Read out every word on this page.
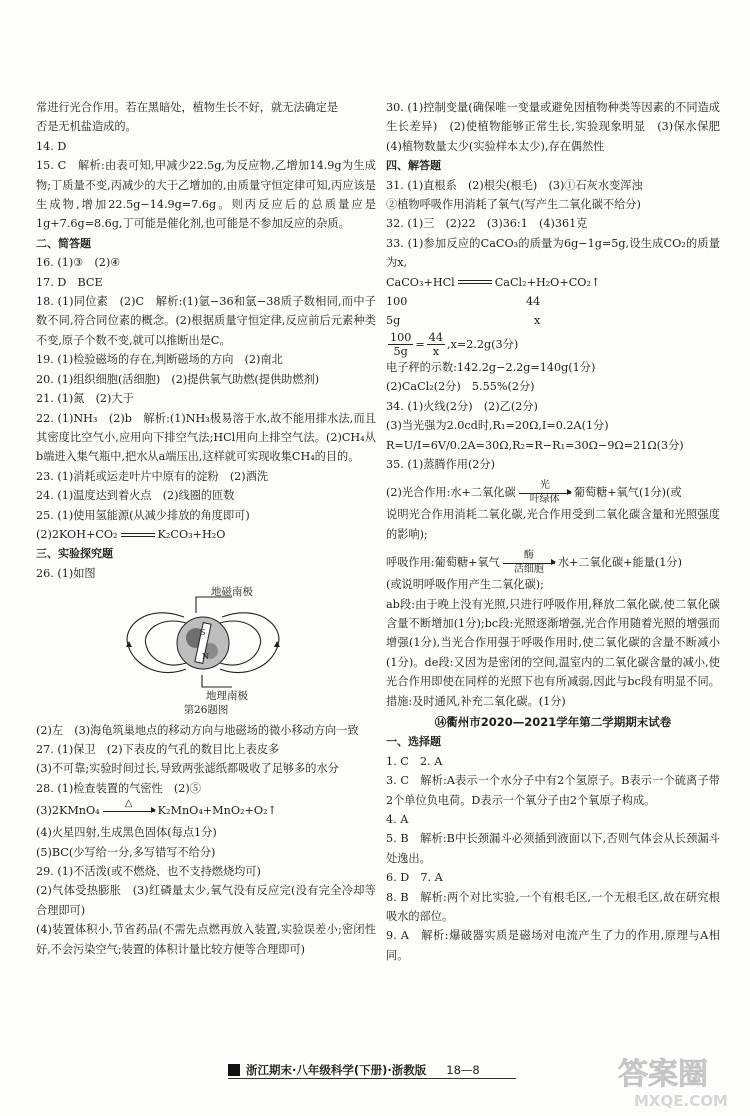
常进行光合作用。若在黑暗处，植物生长不好，就无法确定是

否是无机盐造成的。

14. D

15. C　解析:由表可知,甲减少22.5g,为反应物,乙增加14.9g为生成物;丁质量不变,丙减少的大于乙增加的,由质量守恒定律可知,丙应该是生成物,增加22.5g−14.9g=7.6g。则丙反应后的总质量应是1g+7.6g=8.6g,丁可能是催化剂,也可能是不参加反应的杂质。

二、简答题

16. (1)③　(2)④

17. D　BCE

18. (1)同位素　(2)C　解析:(1)氩−36和氩−38质子数相同,而中子数不同,符合同位素的概念。(2)根据质量守恒定律,反应前后元素种类不变,原子个数不变,就可以推断出是C。

19. (1)检验磁场的存在,判断磁场的方向　(2)南北

20. (1)组织细胞(活细胞)　(2)提供氧气助燃(提供助燃剂)

21. (1)氮　(2)大于

22. (1)NH₃　(2)b　解析:(1)NH₃极易溶于水,故不能用排水法,而且其密度比空气小,应用向下排空气法;HCl用向上排空气法。(2)CH₄从b端进入集气瓶中,把水从a端压出,这样就可实现收集CH₄的目的。

23. (1)消耗或运走叶片中原有的淀粉　(2)酒洗

24. (1)温度达到着火点　(2)线圈的匝数

25. (1)使用氢能源(从减少排放的角度即可)

(2)2KOH+CO₂	K₂CO₃+H₂O

三、实验探究题

26. (1)如图

地磁南极
地理南极
S
N

第26题图

(2)左　(3)海龟筑巢地点的移动方向与地磁场的微小移动方向一致

27. (1)保卫　(2)下表皮的气孔的数目比上表皮多

(3)不可靠;实验时间过长,导致两张滤纸都吸收了足够多的水分

28. (1)检查装置的气密性　(2)⑤

(3)2KMnO₄
△

K₂MnO₄+MnO₂+O₂↑

(4)火星四射,生成黑色固体(每点1分)

(5)BC(少写给一分,多写错写不给分)

29. (1)不活泼(或不燃烧、也不支持燃烧均可)

(2)气体受热膨胀　(3)红磷量太少,氧气没有反应完(没有完全冷却等合理即可)

(4)装置体积小,节省药品(不需先点燃再放入装置,实验误差小;密闭性好,不会污染空气;装置的体积计量比较方便等合理即可)

30. (1)控制变量(确保唯一变量或避免因植物种类等因素的不同造成生长差异)　(2)使植物能够正常生长,实验现象明显　(3)保水保肥　(4)植物数量太少(实验样本太少),存在偶然性

四、解答题

31. (1)直根系　(2)根尖(根毛)　(3)①石灰水变浑浊

②植物呼吸作用消耗了氧气(写产生二氧化碳不给分)

32. (1)三　(2)22　(3)36:1　(4)361克

33. (1)参加反应的CaCO₃的质量为6g−1g=5g,设生成CO₂的质量为x,

CaCO₃+HCl	CaCl₂+H₂O+CO₂↑

100	44

5g	x

$\frac{100}{5g} = \frac{44}{x} ,x=2.2g(3$分)

电子秤的示数:142.2g−2.2g=140g(1分)

(2)CaCl₂(2分)　5.55%(2分)

34. (1)火线(2分)　(2)乙(2分)

(3)当光强为2.0cd时,R₁=20Ω,I=0.2A(1分)

R=U/I=6V/0.2A=30Ω,R₂=R−R₁=30Ω−9Ω=21Ω(3分)

35. (1)蒸腾作用(2分)

(2)光合作用:水+二氧化碳
光
叶绿体
葡萄糖+氧气(1分)(或

说明光合作用消耗二氧化碳,光合作用受到二氧化碳含量和光照强度的影响);

呼吸作用:葡萄糖+氧气
酶
活细胞
水+二氧化碳+能量(1分)

(或说明呼吸作用产生二氧化碳);

ab段:由于晚上没有光照,只进行呼吸作用,释放二氧化碳,使二氧化碳含量不断增加(1分);bc段:光照逐渐增强,光合作用随着光照的增强而增强(1分),当光合作用强于呼吸作用时,使二氧化碳的含量不断减小(1分)。de段:又因为是密闭的空间,温室内的二氧化碳含量的减小,使光合作用即使在同样的光照下也有所减弱,因此与bc段有明显不同。措施:及时通风,补充二氧化碳。(1分)

⑭衢州市2020—2021学年第二学期期末试卷

一、选择题

1. C　2. A

3. C　解析:A表示一个水分子中有2个氢原子。B表示一个硫离子带2个单位负电荷。D表示一个氧分子由2个氧原子构成。

4. A

5. B　解析:B中长颈漏斗必须插到液面以下,否则气体会从长颈漏斗处逸出。

6. D　7. A

8. B　解析:两个对比实验,一个有根毛区,一个无根毛区,故在研究根吸水的部位。

9. A　解析:爆破器实质是磁场对电流产生了力的作用,原理与A相同。

浙江期末·八年级科学(下册)·浙教版 18—8	答案圈
MXQE.COM
